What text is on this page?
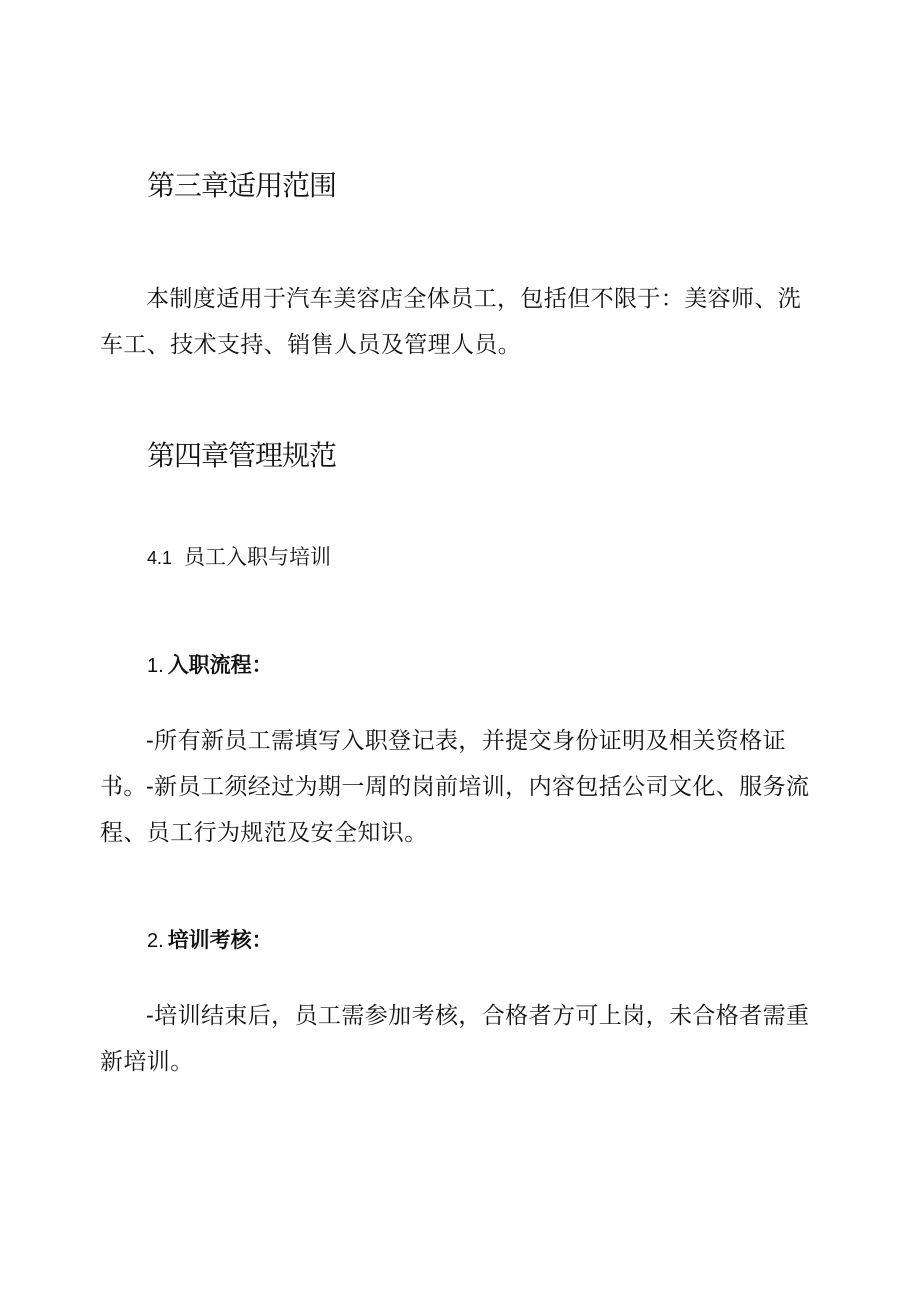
第三章适用范围

本制度适用于汽车美容店全体员工，包括但不限于：美容师、洗车工、技术支持、销售人员及管理人员。

第四章管理规范
4.1 员工入职与培训
1. 入职流程：

-所有新员工需填写入职登记表，并提交身份证明及相关资格证书。 -新员工须经过为期一周的岗前培训，内容包括公司文化、服务流程、员工行为规范及安全知识。

2. 培训考核：

-培训结束后，员工需参加考核，合格者方可上岗，未合格者需重新培训。
